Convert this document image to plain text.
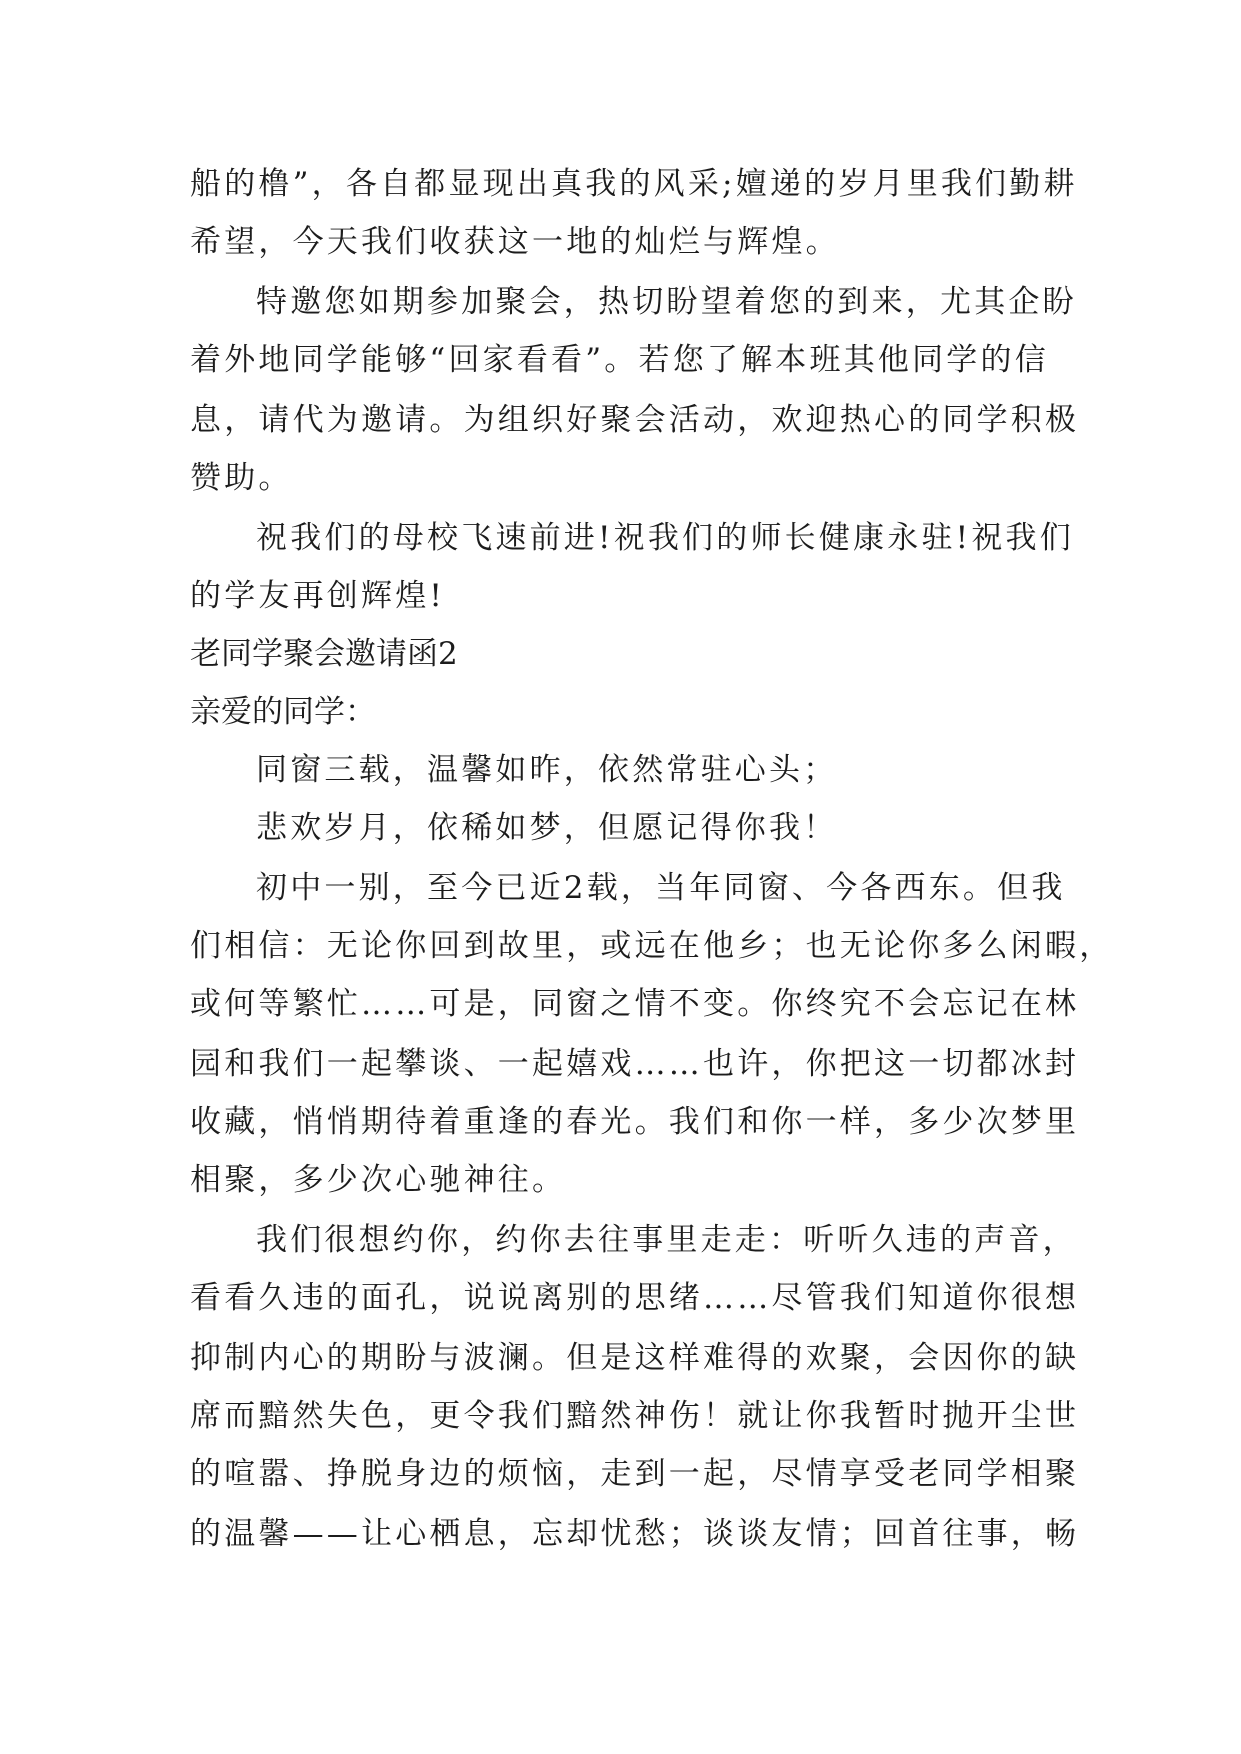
船的橹”，各自都显现出真我的风采;嬗递的岁月里我们勤耕
希望，今天我们收获这一地的灿烂与辉煌。
特邀您如期参加聚会，热切盼望着您的到来，尤其企盼
着外地同学能够“回家看看”。若您了解本班其他同学的信
息，请代为邀请。为组织好聚会活动，欢迎热心的同学积极
赞助。
祝我们的母校飞速前进!祝我们的师长健康永驻!祝我们
的学友再创辉煌!
老同学聚会邀请函2
亲爱的同学：
同窗三载，温馨如昨，依然常驻心头；
悲欢岁月，依稀如梦，但愿记得你我！
初中一别，至今已近2载，当年同窗、今各西东。但我
们相信：无论你回到故里，或远在他乡；也无论你多么闲暇，
或何等繁忙……可是，同窗之情不变。你终究不会忘记在林
园和我们一起攀谈、一起嬉戏……也许，你把这一切都冰封
收藏，悄悄期待着重逢的春光。我们和你一样，多少次梦里
相聚，多少次心驰神往。
我们很想约你，约你去往事里走走：听听久违的声音，
看看久违的面孔，说说离别的思绪……尽管我们知道你很想
抑制内心的期盼与波澜。但是这样难得的欢聚，会因你的缺
席而黯然失色，更令我们黯然神伤！就让你我暂时抛开尘世
的喧嚣、挣脱身边的烦恼，走到一起，尽情享受老同学相聚
的温馨——让心栖息，忘却忧愁；谈谈友情；回首往事，畅
